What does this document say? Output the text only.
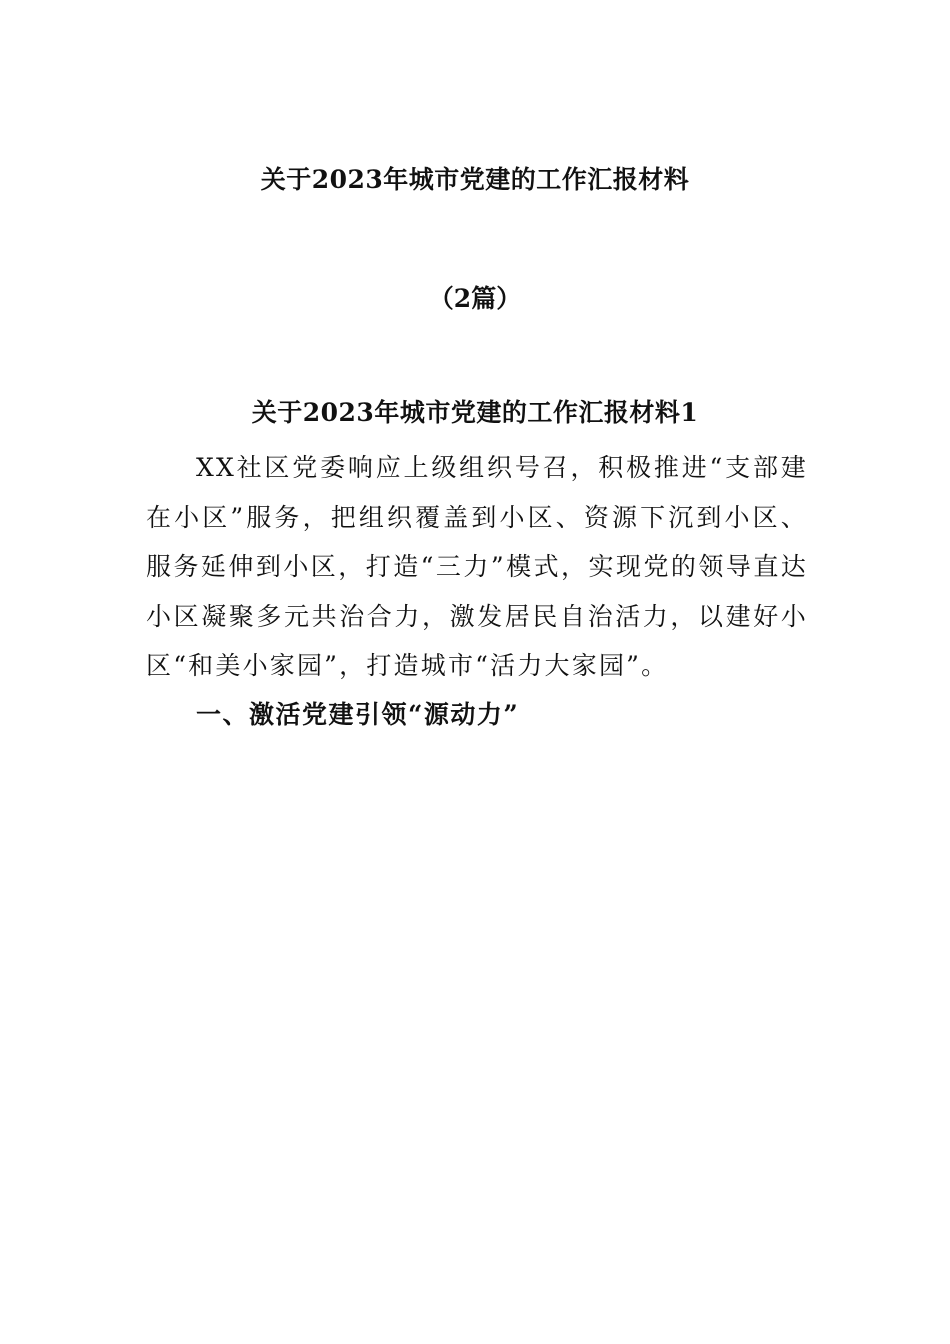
关于2023年城市党建的工作汇报材料
（2篇）
关于2023年城市党建的工作汇报材料1

XX社区党委响应上级组织号召，积极推进“支部建在小区”服务，把组织覆盖到小区、资源下沉到小区、服务延伸到小区，打造“三力”模式，实现党的领导直达小区凝聚多元共治合力，激发居民自治活力，以建好小区“和美小家园”，打造城市“活力大家园”。

一、激活党建引领“源动力”
